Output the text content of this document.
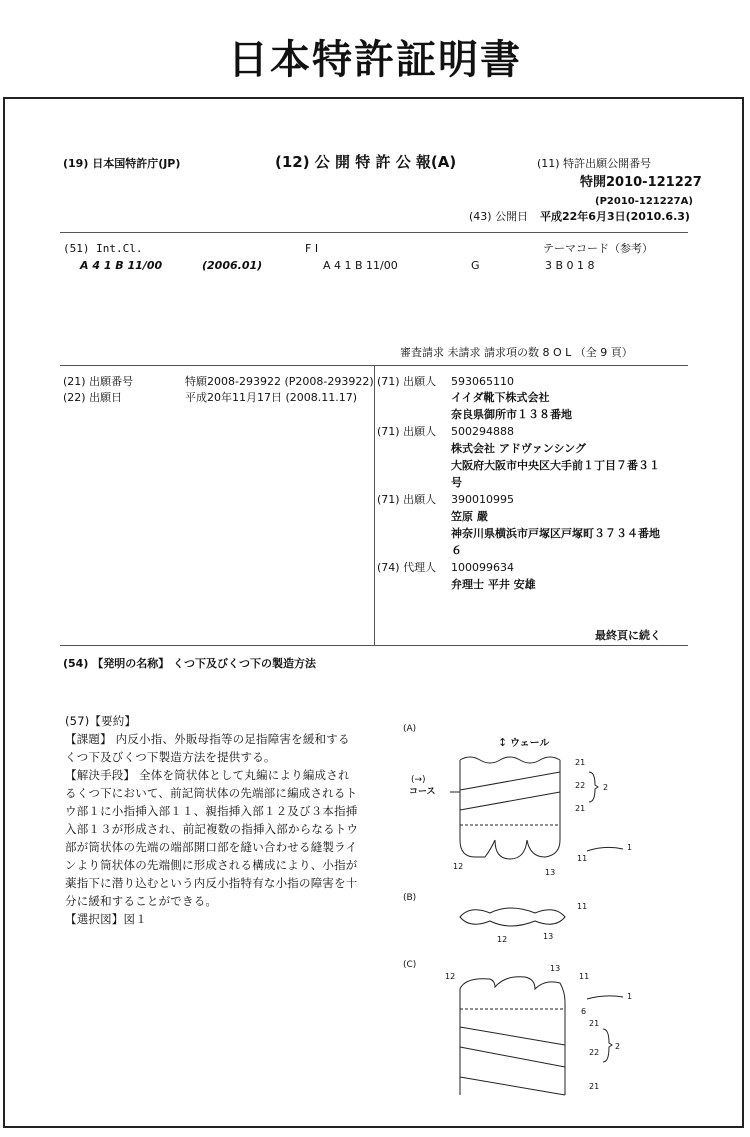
日本特許証明書
(19) 日本国特許庁(JP)	(12) 公 開 特 許 公 報(A)	(11) 特許出願公開番号
特開2010-121227
(P2010-121227A)
(43) 公開日 平成22年6月3日(2010.6.3)
(51) Int.Cl.
A 4 1 B 11/00	(2006.01)
F I
A 4 1 B 11/00	G
テーマコード（参考）
3 B 0 1 8
審査請求 未請求 請求項の数 8 O L （全 9 頁）
(21) 出願番号	特願2008-293922 (P2008-293922)
(22) 出願日	平成20年11月17日 (2008.11.17)
(71) 出願人 593065110
イイダ靴下株式会社
奈良県御所市１３８番地
(71) 出願人 500294888
株式会社 アドヴァンシング
大阪府大阪市中央区大手前１丁目７番３１
号
(71) 出願人 390010995
笠原 嚴
神奈川県横浜市戸塚区戸塚町３７３４番地
６
(74) 代理人 100099634
弁理士 平井 安雄
最終頁に続く
(54) 【発明の名称】 くつ下及びくつ下の製造方法
(57)【要約】
【課題】 内反小指、外販母指等の足指障害を緩和する
くつ下及びくつ下製造方法を提供する。
【解決手段】 全体を筒状体として丸編により編成され
るくつ下において、前記筒状体の先端部に編成されるト
ウ部１に小指挿入部１１、親指挿入部１２及び３本指挿
入部１３が形成され、前記複数の指挿入部からなるトウ
部が筒状体の先端の端部開口部を縫い合わせる縫製ライ
ンより筒状体の先端側に形成される構成により、小指が
薬指下に潜り込むという内反小指特有な小指の障害を十
分に緩和することができる。
【選択図】図１
(A)
↕ ウェール
(→)
コース
21
22
21
2
1
11
12
13
(B)
11
12	13
(C)
12
13
11
1
6
21
22
21
2
